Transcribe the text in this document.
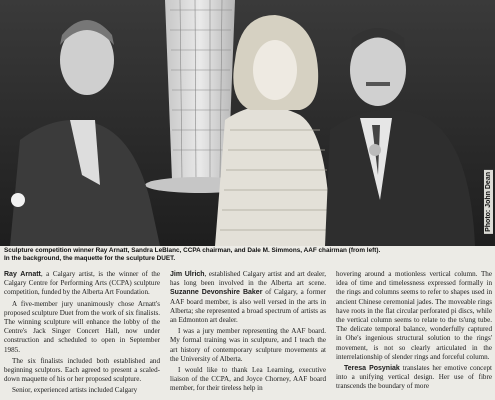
Photo: John Dean
Sculpture competition winner Ray Arnatt, Sandra LeBlanc, CCPA chairman, and Dale M. Simmons, AAF chairman (from left).
In the background, the maquette for the sculpture DUET.

Ray Arnatt, a Calgary artist, is the winner of the Calgary Centre for Performing Arts (CCPA) sculpture competition, funded by the Alberta Art Foundation.

A five-member jury unanimously chose Arnatt's proposed sculpture Duet from the work of six finalists. The winning sculpture will enhance the lobby of the Centre's Jack Singer Concert Hall, now under construction and scheduled to open in September 1985.

The six finalists included both established and beginning sculptors. Each agreed to present a scaled-down maquette of his or her proposed sculpture.

Senior, experienced artists included Calgary

Jim Ulrich, established Calgary artist and art dealer, has long been involved in the Alberta art scene. Suzanne Devonshire Baker of Calgary, a former AAF board member, is also well versed in the arts in Alberta; she represented a broad spectrum of artists as an Edmonton art dealer.

I was a jury member representing the AAF board. My formal training was in sculpture, and I teach the art history of contemporary sculpture movements at the University of Alberta.

I would like to thank Lea Learning, executive liaison of the CCPA, and Joyce Chorney, AAF board member, for their tireless help in

hovering around a motionless vertical column. The idea of time and timelessness expressed formally in the rings and columns seems to refer to shapes used in ancient Chinese ceremonial jades. The moveable rings have roots in the flat circular perforated pi discs, while the vertical column seems to relate to the ts'ung tube. The delicate temporal balance, wonderfully captured in Ohe's ingenious structural solution to the rings' movement, is not so clearly articulated in the interrelationship of slender rings and forceful column.

Teresa Posyniak translates her emotive concept into a unifying vertical design. Her use of fibre transcends the boundary of more
